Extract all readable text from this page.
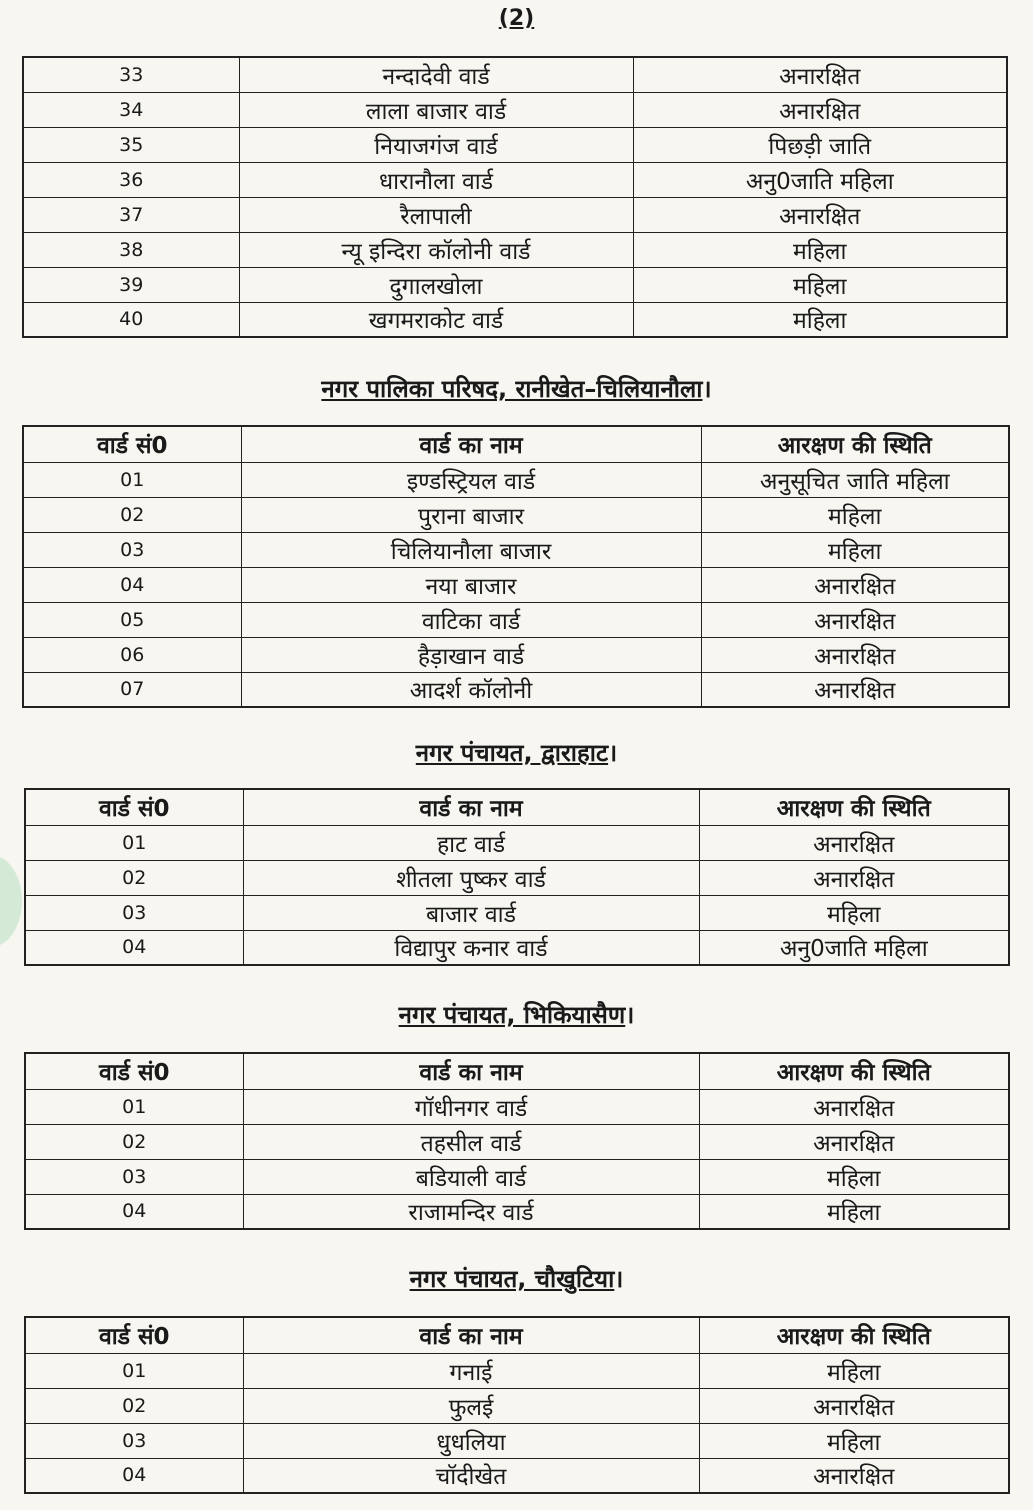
(2)
33	नन्दादेवी वार्ड	अनारक्षित
34	लाला बाजार वार्ड	अनारक्षित
35	नियाजगंज वार्ड	पिछड़ी जाति
36	धारानौला वार्ड	अनु0जाति महिला
37	रैलापाली	अनारक्षित
38	न्यू इन्दिरा कॉलोनी वार्ड	महिला
39	दुगालखोला	महिला
40	खगमराकोट वार्ड	महिला
नगर पालिका परिषद, रानीखेत–चिलियानौला।
वार्ड सं0	वार्ड का नाम	आरक्षण की स्थिति
01	इण्डस्ट्रियल वार्ड	अनुसूचित जाति महिला
02	पुराना बाजार	महिला
03	चिलियानौला बाजार	महिला
04	नया बाजार	अनारक्षित
05	वाटिका वार्ड	अनारक्षित
06	हैड़ाखान वार्ड	अनारक्षित
07	आदर्श कॉलोनी	अनारक्षित
नगर पंचायत, द्वाराहाट।
वार्ड सं0	वार्ड का नाम	आरक्षण की स्थिति
01	हाट वार्ड	अनारक्षित
02	शीतला पुष्कर वार्ड	अनारक्षित
03	बाजार वार्ड	महिला
04	विद्यापुर कनार वार्ड	अनु0जाति महिला
नगर पंचायत, भिकियासैण।
वार्ड सं0	वार्ड का नाम	आरक्षण की स्थिति
01	गॉधीनगर वार्ड	अनारक्षित
02	तहसील वार्ड	अनारक्षित
03	बडियाली वार्ड	महिला
04	राजामन्दिर वार्ड	महिला
नगर पंचायत, चौखुटिया।
वार्ड सं0	वार्ड का नाम	आरक्षण की स्थिति
01	गनाई	महिला
02	फुलई	अनारक्षित
03	धुधलिया	महिला
04	चॉदीखेत	अनारक्षित
